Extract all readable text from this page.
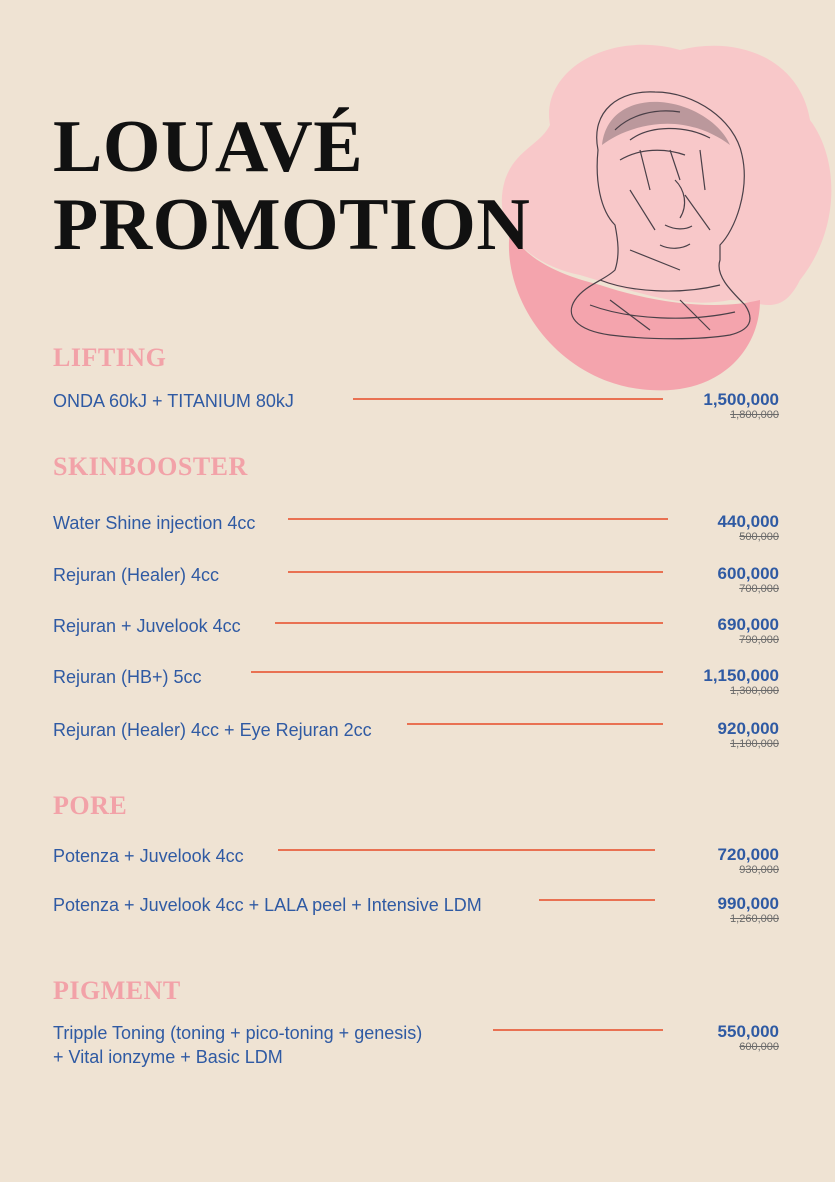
LOUAVÉ
PROMOTION
LIFTING
ONDA 60kJ + TITANIUM 80kJ	1,500,000
1,800,000
SKINBOOSTER
Water Shine injection 4cc	440,000
500,000
Rejuran (Healer) 4cc	600,000
700,000
Rejuran + Juvelook 4cc	690,000
790,000
Rejuran (HB+) 5cc	1,150,000
1,300,000
Rejuran (Healer) 4cc + Eye Rejuran 2cc	920,000
1,100,000
PORE
Potenza + Juvelook 4cc	720,000
930,000
Potenza + Juvelook 4cc + LALA peel + Intensive LDM	990,000
1,260,000
PIGMENT
Tripple Toning (toning + pico-toning + genesis)
+ Vital ionzyme + Basic LDM
550,000
600,000
